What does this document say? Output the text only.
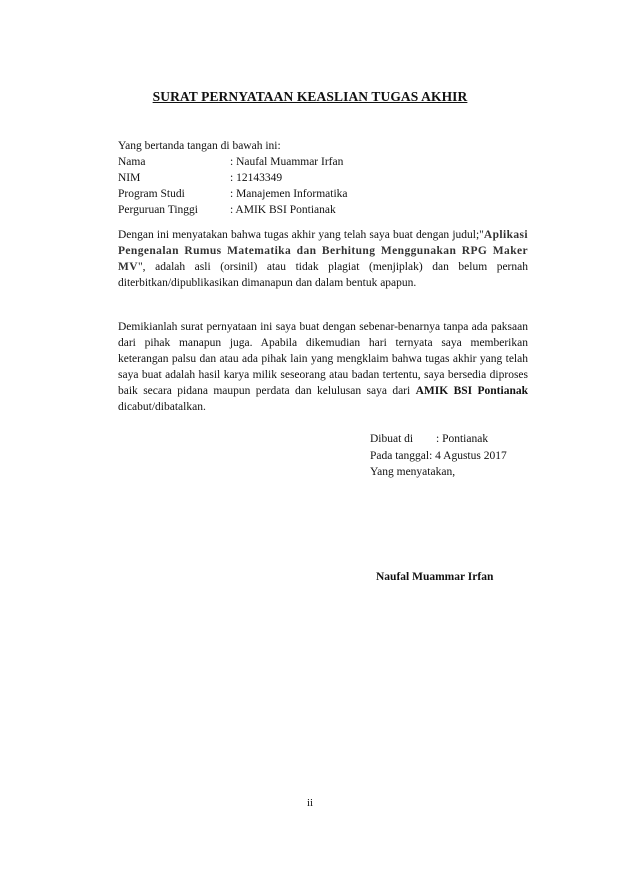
SURAT PERNYATAAN KEASLIAN TUGAS AKHIR
Yang bertanda tangan di bawah ini:
Nama	: Naufal Muammar Irfan
NIM	: 12143349
Program Studi	: Manajemen Informatika
Perguruan Tinggi	: AMIK BSI Pontianak
Dengan ini menyatakan bahwa tugas akhir yang telah saya buat dengan judul;"Aplikasi Pengenalan Rumus Matematika dan Berhitung Menggunakan RPG Maker MV", adalah asli (orsinil) atau tidak plagiat (menjiplak) dan belum pernah diterbitkan/dipublikasikan dimanapun dan dalam bentuk apapun.
Demikianlah surat pernyataan ini saya buat dengan sebenar-benarnya tanpa ada paksaan dari pihak manapun juga. Apabila dikemudian hari ternyata saya memberikan keterangan palsu dan atau ada pihak lain yang mengklaim bahwa tugas akhir yang telah saya buat adalah hasil karya milik seseorang atau badan tertentu, saya bersedia diproses baik secara pidana maupun perdata dan kelulusan saya dari AMIK BSI Pontianak dicabut/dibatalkan.
Dibuat di : Pontianak
Pada tanggal: 4 Agustus 2017
Yang menyatakan,
Naufal Muammar Irfan
ii
